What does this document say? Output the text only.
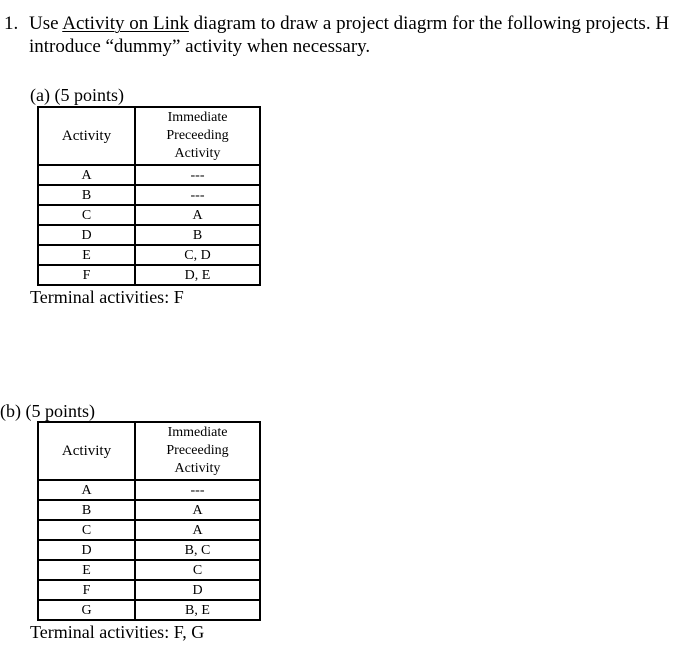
1. Use Activity on Link diagram to draw a project diagrm for the following projects. H
introduce “dummy” activity when necessary.
(a) (5 points)
Activity	Immediate
Preceeding
Activity

A	---
B	---
C	A
D	B
E	C, D
F	D, E
Terminal activities: F
(b) (5 points)
Activity	Immediate
Preceeding
Activity

A	---
B	A
C	A
D	B, C
E	C
F	D
G	B, E
Terminal activities: F, G
